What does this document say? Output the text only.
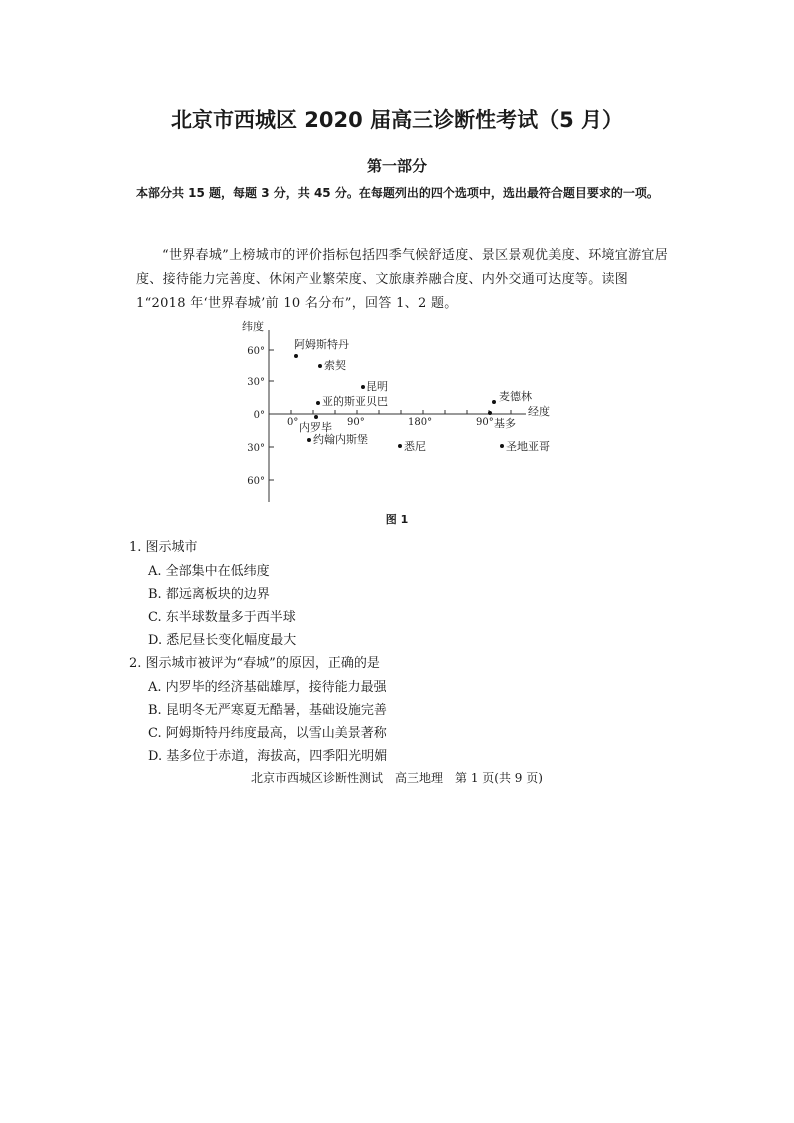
北京市西城区 2020 届高三诊断性考试（5 月）
第一部分
本部分共 15 题，每题 3 分，共 45 分。在每题列出的四个选项中，选出最符合题目要求的一项。
“世界春城”上榜城市的评价指标包括四季气候舒适度、景区景观优美度、环境宜游宜居度、接待能力完善度、休闲产业繁荣度、文旅康养融合度、内外交通可达度等。读图 1“2018 年‘世界春城’前 10 名分布”，回答 1、2 题。
纬度
经度
60°
30°
0°
30°
60°
0°	90°	180°	90°
阿姆斯特丹
索契
昆明
亚的斯亚贝巴
内罗毕
约翰内斯堡
悉尼
麦德林
基多
圣地亚哥
图 1
1. 图示城市
A. 全部集中在低纬度
B. 都远离板块的边界
C. 东半球数量多于西半球
D. 悉尼昼长变化幅度最大
2. 图示城市被评为“春城”的原因，正确的是
A. 内罗毕的经济基础雄厚，接待能力最强
B. 昆明冬无严寒夏无酷暑，基础设施完善
C. 阿姆斯特丹纬度最高，以雪山美景著称
D. 基多位于赤道，海拔高，四季阳光明媚
北京市西城区诊断性测试　高三地理　第 1 页(共 9 页)
